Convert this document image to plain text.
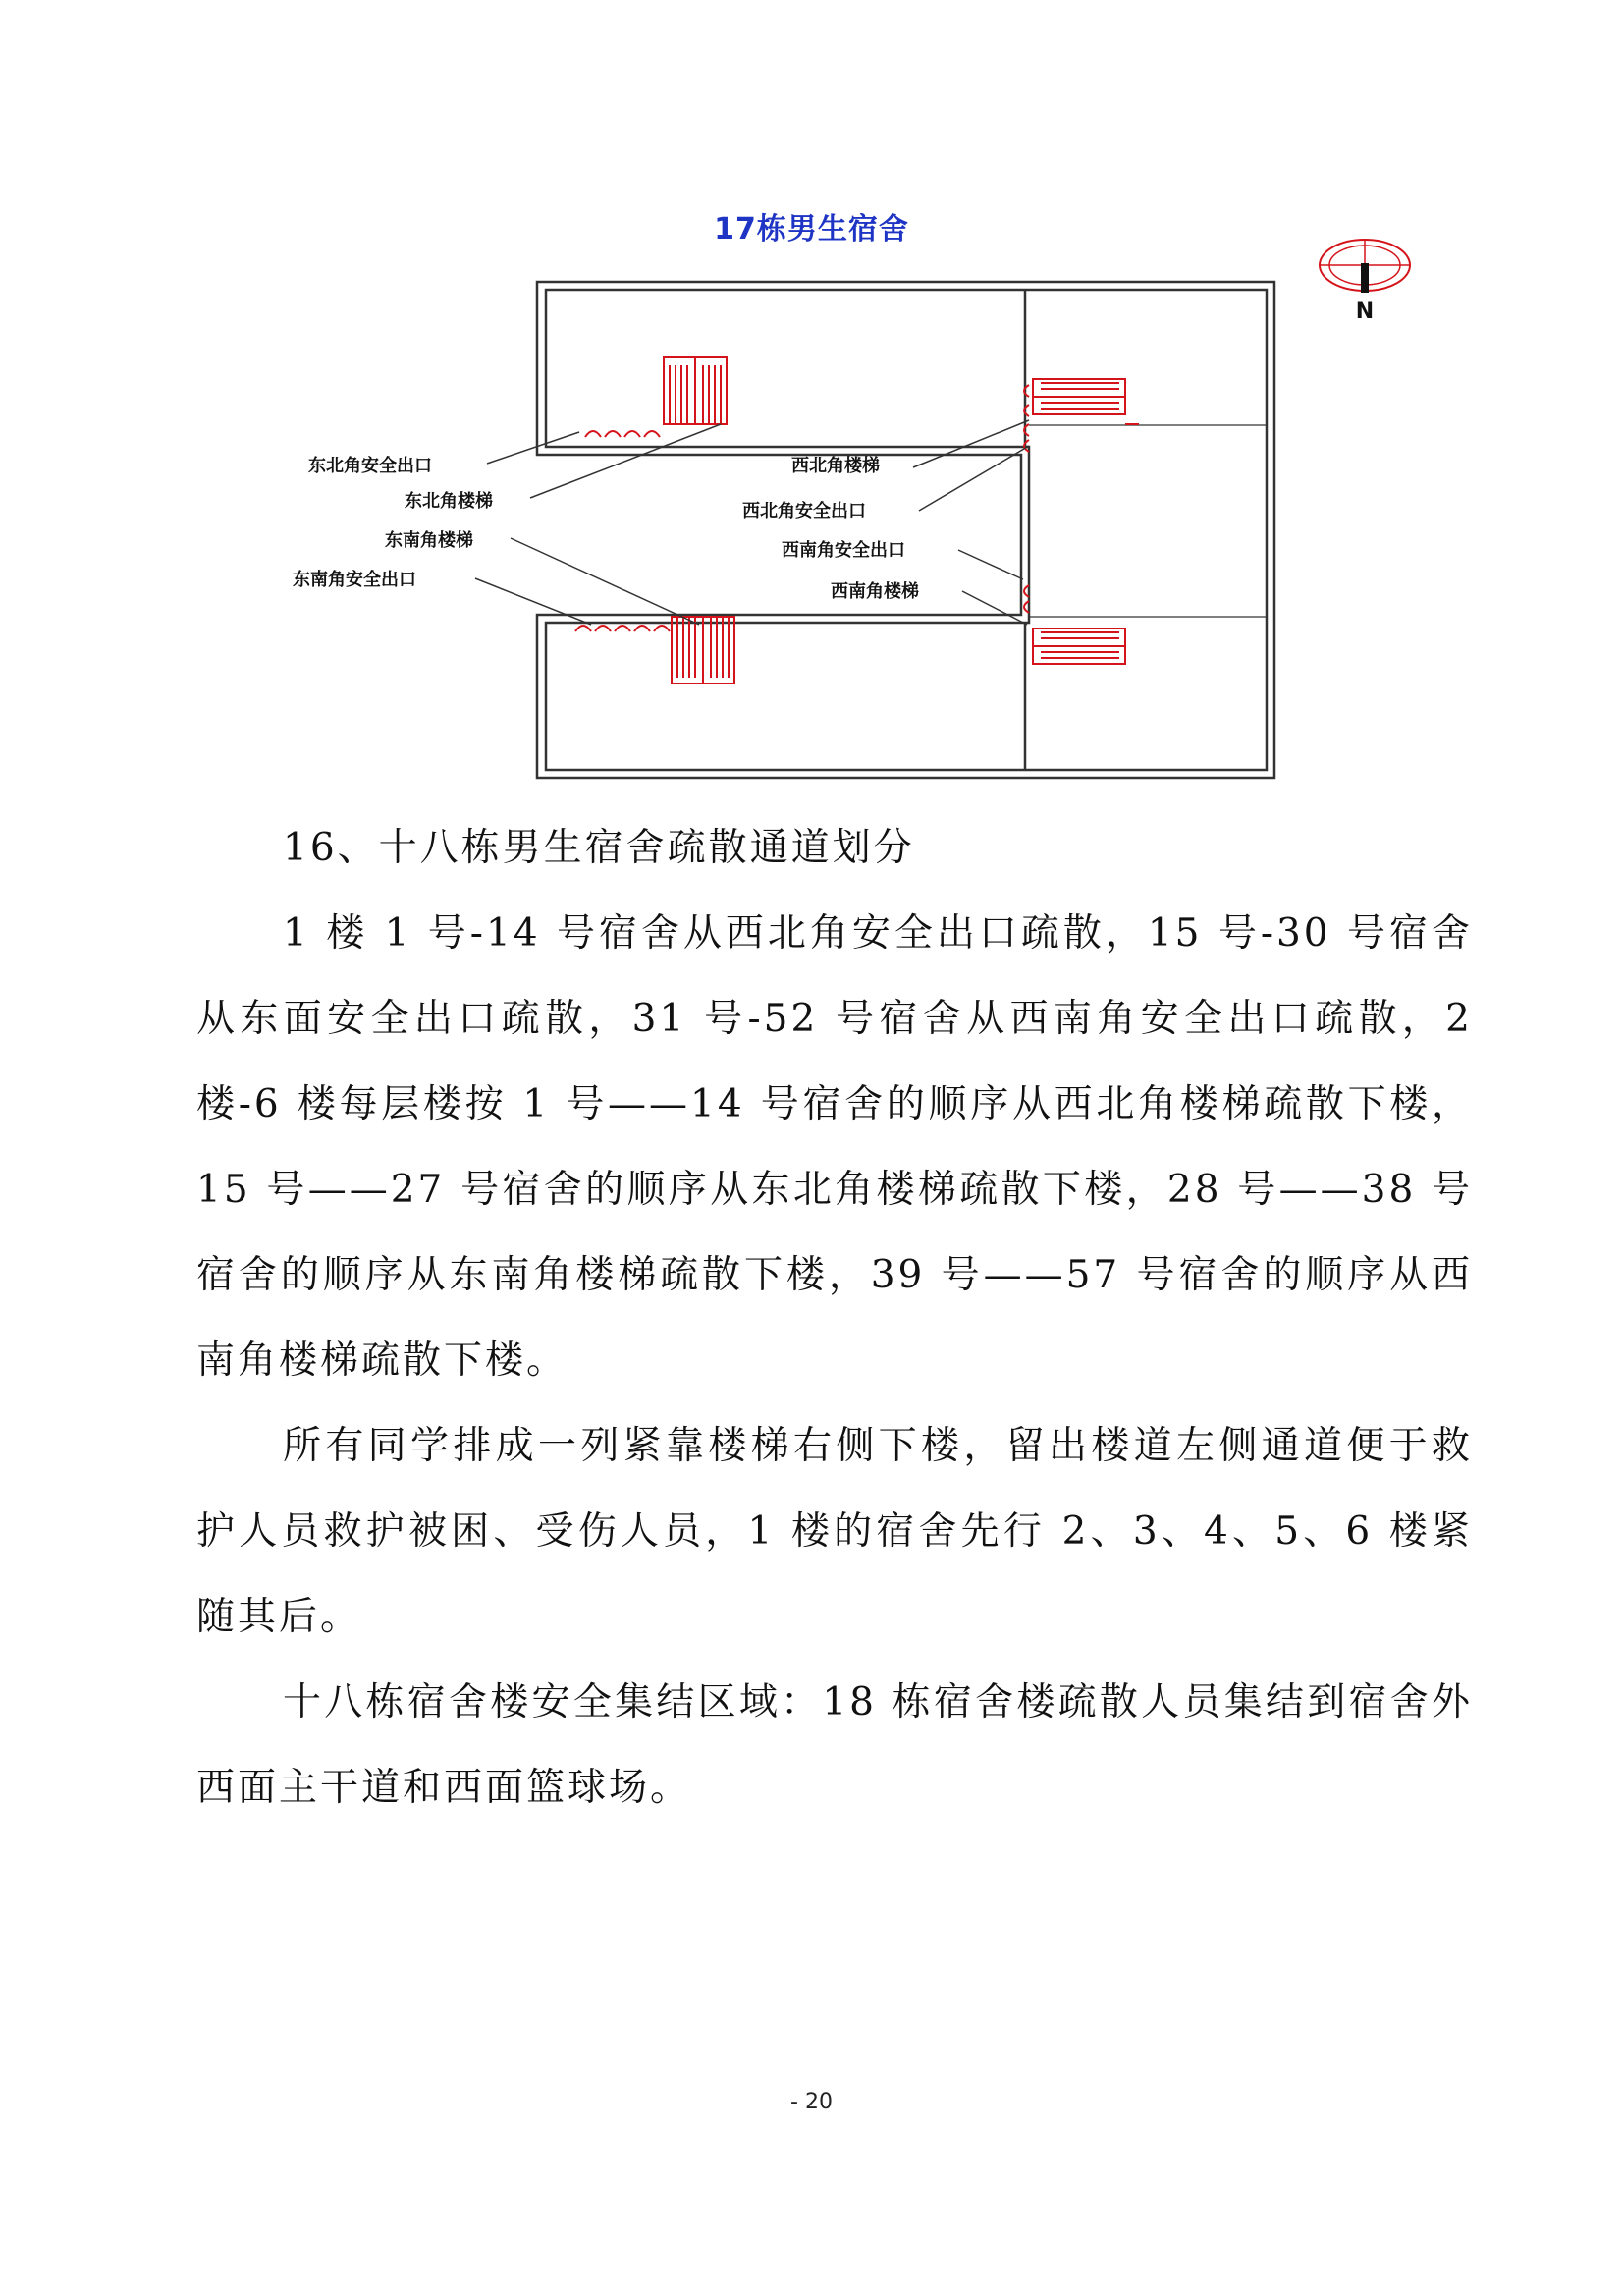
17栋男生宿舍
东北角安全出口
东北角楼梯
东南角楼梯
东南角安全出口
西北角楼梯
西北角安全出口
西南角安全出口
西南角楼梯
N

16、十八栋男生宿舍疏散通道划分

1 楼 1 号-14 号宿舍从西北角安全出口疏散，15 号-30 号宿舍从东面安全出口疏散，31 号-52 号宿舍从西南角安全出口疏散，2 楼-6 楼每层楼按 1 号——14 号宿舍的顺序从西北角楼梯疏散下楼，15 号——27 号宿舍的顺序从东北角楼梯疏散下楼，28 号——38 号宿舍的顺序从东南角楼梯疏散下楼，39 号——57 号宿舍的顺序从西南角楼梯疏散下楼。

所有同学排成一列紧靠楼梯右侧下楼，留出楼道左侧通道便于救护人员救护被困、受伤人员，1 楼的宿舍先行 2、3、4、5、6 楼紧随其后。

十八栋宿舍楼安全集结区域：18 栋宿舍楼疏散人员集结到宿舍外西面主干道和西面篮球场。

- 20
